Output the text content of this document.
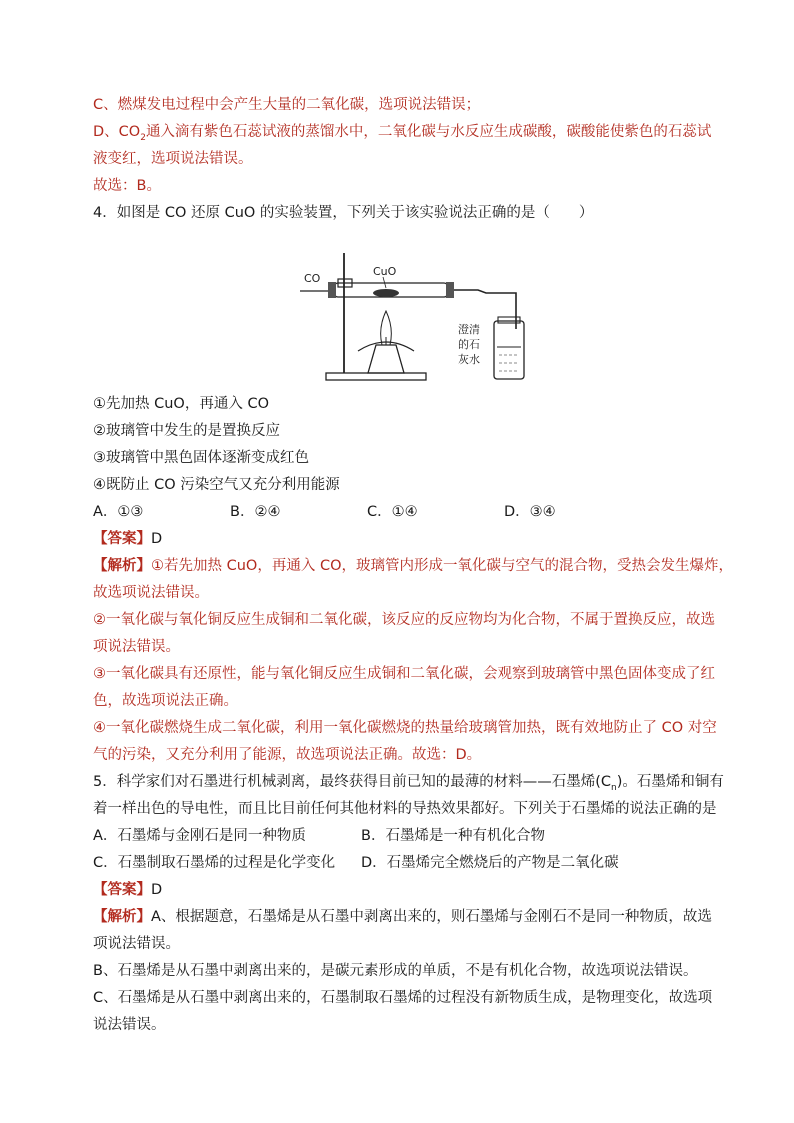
C、燃煤发电过程中会产生大量的二氧化碳，选项说法错误；
D、$CO_2$通入滴有紫色石蕊试液的蒸馏水中，二氧化碳与水反应生成碳酸，碳酸能使紫色的石蕊试
液变红，选项说法错误。
故选：B。
4．如图是 CO 还原 CuO 的实验装置，下列关于该实验说法正确的是（　　）
CO
CuO
澄清
的石
灰水
①先加热 CuO，再通入 CO
②玻璃管中发生的是置换反应
③玻璃管中黑色固体逐渐变成红色
④既防止 CO 污染空气又充分利用能源
A．①③	B．②④	C．①④	D．③④
【答案】D
【解析】①若先加热 CuO，再通入 CO，玻璃管内形成一氧化碳与空气的混合物，受热会发生爆炸，
故选项说法错误。
②一氧化碳与氧化铜反应生成铜和二氧化碳，该反应的反应物均为化合物，不属于置换反应，故选
项说法错误。
③一氧化碳具有还原性，能与氧化铜反应生成铜和二氧化碳，会观察到玻璃管中黑色固体变成了红
色，故选项说法正确。
④一氧化碳燃烧生成二氧化碳，利用一氧化碳燃烧的热量给玻璃管加热，既有效地防止了 CO 对空
气的污染，又充分利用了能源，故选项说法正确。故选：D。
5．科学家们对石墨进行机械剥离，最终获得目前已知的最薄的材料——石墨烯$(C_n)$。石墨烯和铜有
着一样出色的导电性，而且比目前任何其他材料的导热效果都好。下列关于石墨烯的说法正确的是
A．石墨烯与金刚石是同一种物质	B．石墨烯是一种有机化合物
C．石墨制取石墨烯的过程是化学变化	D．石墨烯完全燃烧后的产物是二氧化碳
【答案】D
【解析】A、根据题意，石墨烯是从石墨中剥离出来的，则石墨烯与金刚石不是同一种物质，故选
项说法错误。
B、石墨烯是从石墨中剥离出来的，是碳元素形成的单质，不是有机化合物，故选项说法错误。
C、石墨烯是从石墨中剥离出来的，石墨制取石墨烯的过程没有新物质生成，是物理变化，故选项
说法错误。
